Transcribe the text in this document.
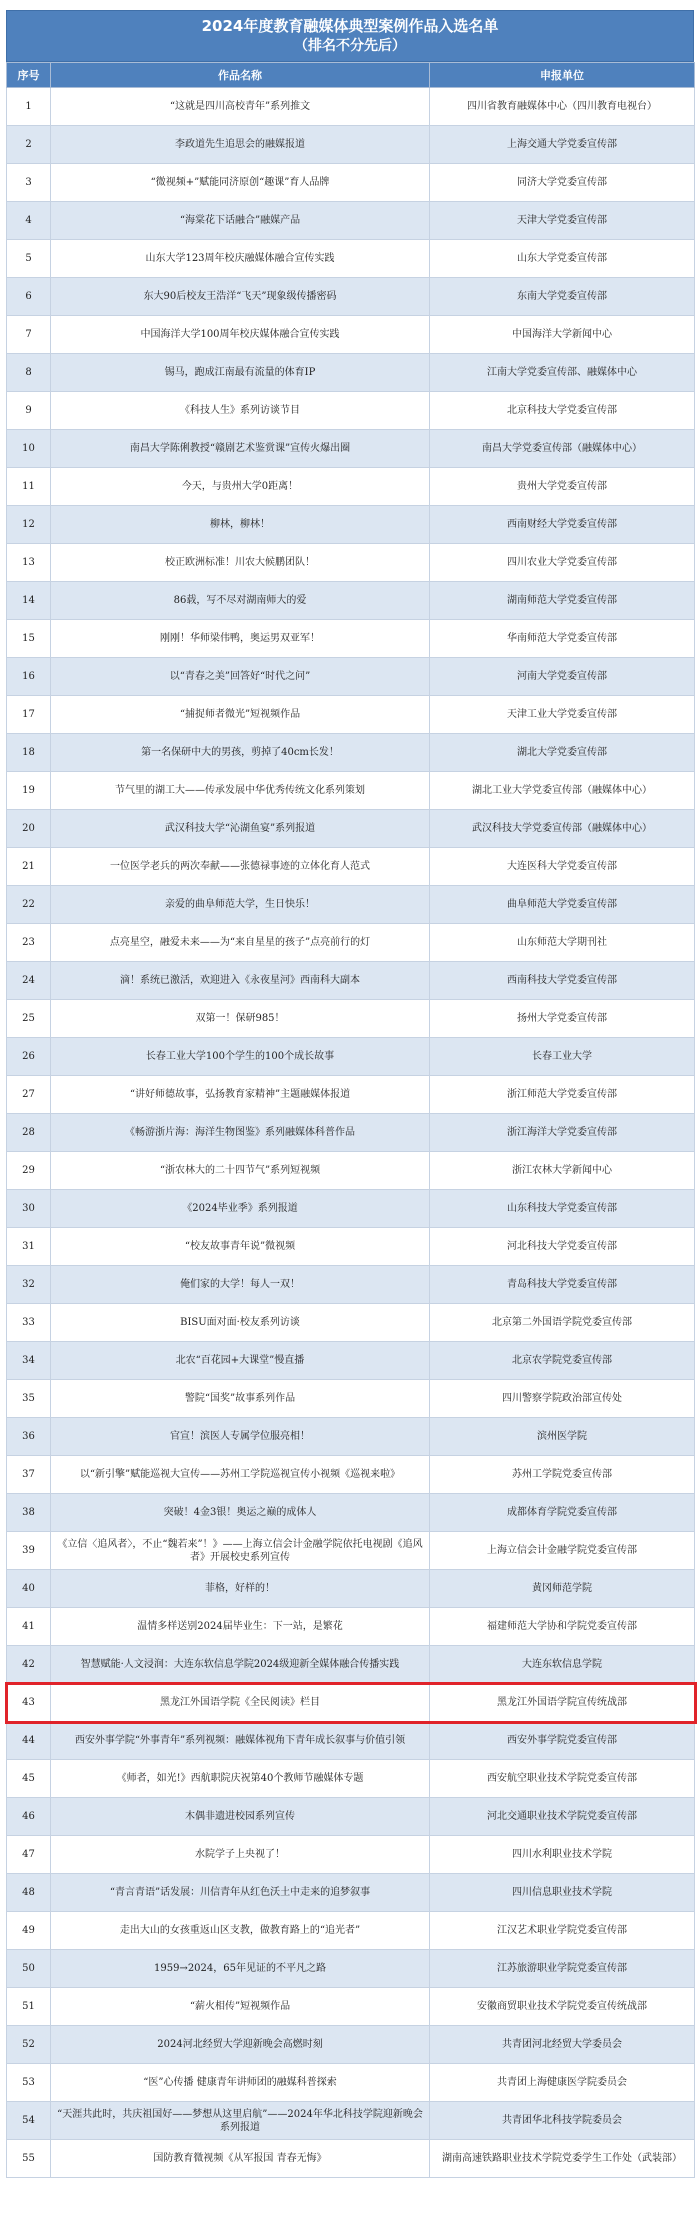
2024年度教育融媒体典型案例作品入选名单
（排名不分先后）
序号	作品名称	申报单位
1	“这就是四川高校青年”系列推文	四川省教育融媒体中心（四川教育电视台）
2	李政道先生追思会的融媒报道	上海交通大学党委宣传部
3	“微视频+”赋能同济原创“趣课”育人品牌	同济大学党委宣传部
4	“海棠花下话融合”融媒产品	天津大学党委宣传部
5	山东大学123周年校庆融媒体融合宣传实践	山东大学党委宣传部
6	东大90后校友王浩洋“飞天”现象级传播密码	东南大学党委宣传部
7	中国海洋大学100周年校庆媒体融合宣传实践	中国海洋大学新闻中心
8	锡马，跑成江南最有流量的体育IP	江南大学党委宣传部、融媒体中心
9	《科技人生》系列访谈节目	北京科技大学党委宣传部
10	南昌大学陈俐教授“赣剧艺术鉴赏课”宣传火爆出圈	南昌大学党委宣传部（融媒体中心）
11	今天，与贵州大学0距离！	贵州大学党委宣传部
12	柳林，柳林！	西南财经大学党委宣传部
13	校正欧洲标准！川农大候鹏团队！	四川农业大学党委宣传部
14	86载，写不尽对湖南师大的爱	湖南师范大学党委宣传部
15	刚刚！华师梁伟鸭，奥运男双亚军！	华南师范大学党委宣传部
16	以“青春之美”回答好“时代之问”	河南大学党委宣传部
17	“捕捉师者微光”短视频作品	天津工业大学党委宣传部
18	第一名保研中大的男孩，剪掉了40cm长发！	湖北大学党委宣传部
19	节气里的湖工大——传承发展中华优秀传统文化系列策划	湖北工业大学党委宣传部（融媒体中心）
20	武汉科技大学“沁湖鱼宴”系列报道	武汉科技大学党委宣传部（融媒体中心）
21	一位医学老兵的两次奉献——张德禄事迹的立体化育人范式	大连医科大学党委宣传部
22	亲爱的曲阜师范大学，生日快乐！	曲阜师范大学党委宣传部
23	点亮星空，融爱未来——为“来自星星的孩子”点亮前行的灯	山东师范大学期刊社
24	滴！系统已激活，欢迎进入《永夜星河》西南科大副本	西南科技大学党委宣传部
25	双第一！保研985！	扬州大学党委宣传部
26	长春工业大学100个学生的100个成长故事	长春工业大学
27	“讲好师德故事，弘扬教育家精神”主题融媒体报道	浙江师范大学党委宣传部
28	《畅游浙片海：海洋生物图鉴》系列融媒体科普作品	浙江海洋大学党委宣传部
29	“浙农林大的二十四节气”系列短视频	浙江农林大学新闻中心
30	《2024毕业季》系列报道	山东科技大学党委宣传部
31	“校友故事青年说”微视频	河北科技大学党委宣传部
32	俺们家的大学！每人一双！	青岛科技大学党委宣传部
33	BISU面对面·校友系列访谈	北京第二外国语学院党委宣传部
34	北农“百花园+大课堂”慢直播	北京农学院党委宣传部
35	警院“国奖”故事系列作品	四川警察学院政治部宣传处
36	官宣！滨医人专属学位服亮相！	滨州医学院
37	以“新引擎”赋能巡视大宣传——苏州工学院巡视宣传小视频《巡视来啦》	苏州工学院党委宣传部
38	突破！4金3银！奥运之巅的成体人	成都体育学院党委宣传部
39	《立信〈追风者〉，不止“魏若来”！》——上海立信会计金融学院依托电视剧《追风者》开展校史系列宣传	上海立信会计金融学院党委宣传部
40	菲格，好样的！	黄冈师范学院
41	温情多样送别2024届毕业生：下一站，是繁花	福建师范大学协和学院党委宣传部
42	智慧赋能·人文浸润：大连东软信息学院2024级迎新全媒体融合传播实践	大连东软信息学院
43	黑龙江外国语学院《全民阅读》栏目	黑龙江外国语学院宣传统战部
44	西安外事学院“外事青年”系列视频：融媒体视角下青年成长叙事与价值引领	西安外事学院党委宣传部
45	《师者，如光!》西航职院庆祝第40个教师节融媒体专题	西安航空职业技术学院党委宣传部
46	木偶非遗进校园系列宣传	河北交通职业技术学院党委宣传部
47	水院学子上央视了！	四川水利职业技术学院
48	“青言青语”话发展：川信青年从红色沃土中走来的追梦叙事	四川信息职业技术学院
49	走出大山的女孩重返山区支教，做教育路上的“追光者”	江汉艺术职业学院党委宣传部
50	1959→2024，65年见证的不平凡之路	江苏旅游职业学院党委宣传部
51	“薪火相传”短视频作品	安徽商贸职业技术学院党委宣传统战部
52	2024河北经贸大学迎新晚会高燃时刻	共青团河北经贸大学委员会
53	“医”心传播 健康青年讲师团的融媒科普探索	共青团上海健康医学院委员会
54	“天涯共此时，共庆祖国好——梦想从这里启航”——2024年华北科技学院迎新晚会系列报道	共青团华北科技学院委员会
55	国防教育微视频《从军报国 青春无悔》	湖南高速铁路职业技术学院党委学生工作处（武装部）
